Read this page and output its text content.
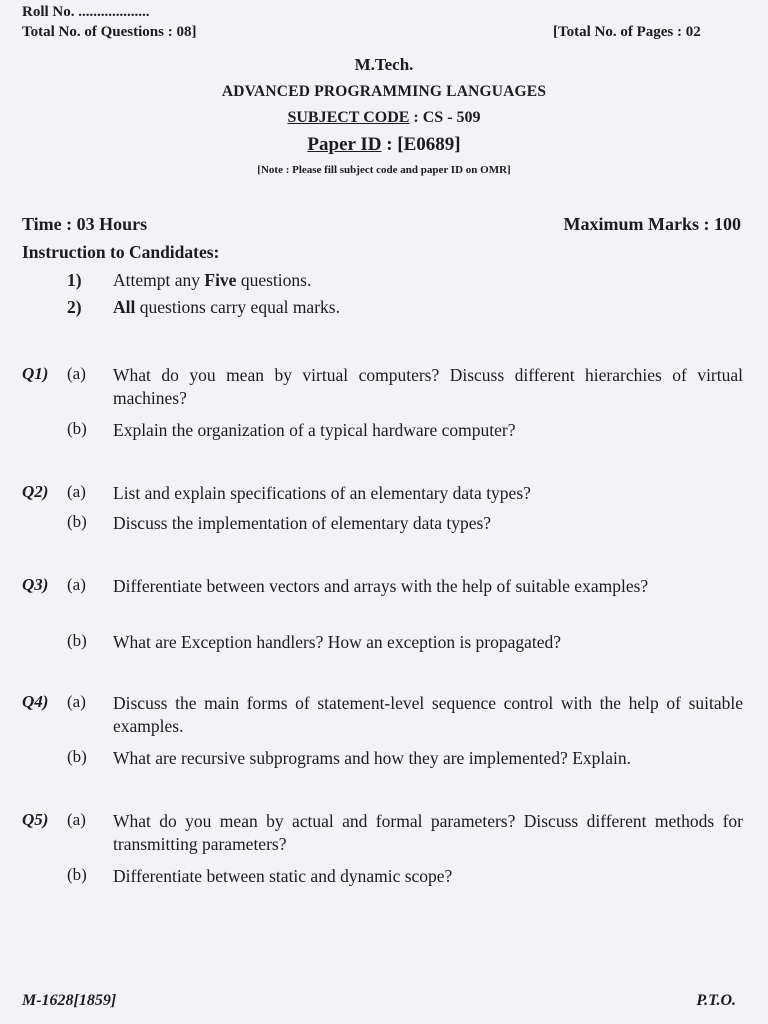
Roll No. ...................
Total No. of Questions : 08]	[Total No. of Pages : 02
M.Tech.
ADVANCED PROGRAMMING LANGUAGES
SUBJECT CODE : CS - 509
Paper ID : [E0689]
[Note : Please fill subject code and paper ID on OMR]
Time : 03 Hours	Maximum Marks : 100
Instruction to Candidates:
1) Attempt any Five questions.
2) All questions carry equal marks.
Q1) (a) What do you mean by virtual computers? Discuss different hierarchies of virtual machines?
(b) Explain the organization of a typical hardware computer?
Q2) (a) List and explain specifications of an elementary data types?
(b) Discuss the implementation of elementary data types?
Q3) (a) Differentiate between vectors and arrays with the help of suitable examples?
(b) What are Exception handlers? How an exception is propagated?
Q4) (a) Discuss the main forms of statement-level sequence control with the help of suitable examples.
(b) What are recursive subprograms and how they are implemented? Explain.
Q5) (a) What do you mean by actual and formal parameters? Discuss different methods for transmitting parameters?
(b) Differentiate between static and dynamic scope?
M-1628[1859]	P.T.O.
